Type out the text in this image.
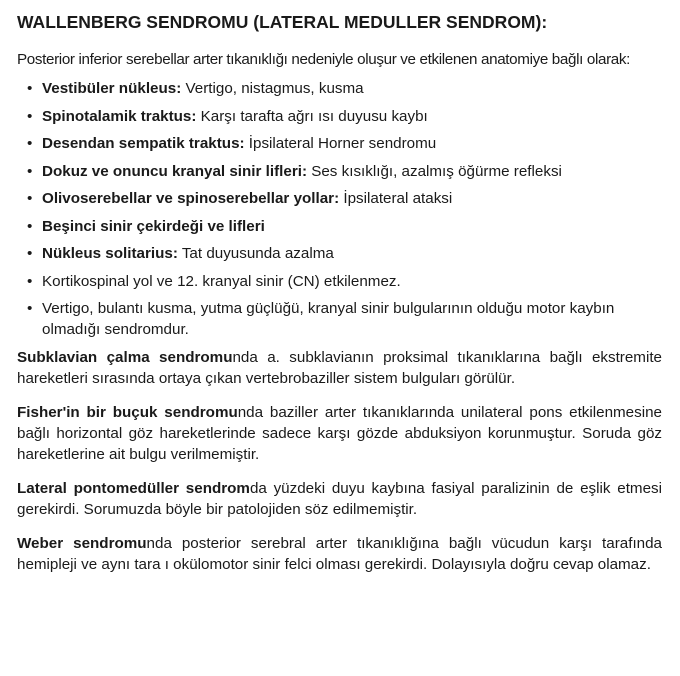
WALLENBERG SENDROMU (LATERAL MEDULLER SENDROM):

Posterior inferior serebellar arter tıkanıklığı nedeniyle oluşur ve etkilenen anatomiye bağlı olarak:

• Vestibüler nükleus: Vertigo, nistagmus, kusma
• Spinotalamik traktus: Karşı tarafta ağrı ısı duyusu kaybı
• Desendan sempatik traktus: İpsilateral Horner sendromu
• Dokuz ve onuncu kranyal sinir lifleri: Ses kısıklığı, azalmış öğürme refleksi
• Olivoserebellar ve spinoserebellar yollar: İpsilateral ataksi
• Beşinci sinir çekirdeği ve lifleri
• Nükleus solitarius: Tat duyusunda azalma
• Kortikospinal yol ve 12. kranyal sinir (CN) etkilenmez.
• Vertigo, bulantı kusma, yutma güçlüğü, kranyal sinir bulgularının olduğu motor kaybın olmadığı sendromdur.

Subklavian çalma sendromunda a. subklavianın proksimal tıkanıklarına bağlı ekstremite hareketleri sırasında ortaya çıkan vertebrobaziller sistem bulguları görülür.

Fisher'in bir buçuk sendromunda baziller arter tıkanıklarında unilateral pons etkilenmesine bağlı horizontal göz hareketlerinde sadece karşı gözde abduksiyon korunmuştur. Soruda göz hareketlerine ait bulgu verilmemiştir.

Lateral pontomedüller sendromda yüzdeki duyu kaybına fasiyal paralizinin de eşlik etmesi gerekirdi. Sorumuzda böyle bir patolojiden söz edilmemiştir.

Weber sendromunda posterior serebral arter tıkanıklığına bağlı vücudun karşı tarafında hemipleji ve aynı tara ı okülomotor sinir felci olması gerekirdi. Dolayısıyla doğru cevap olamaz.
